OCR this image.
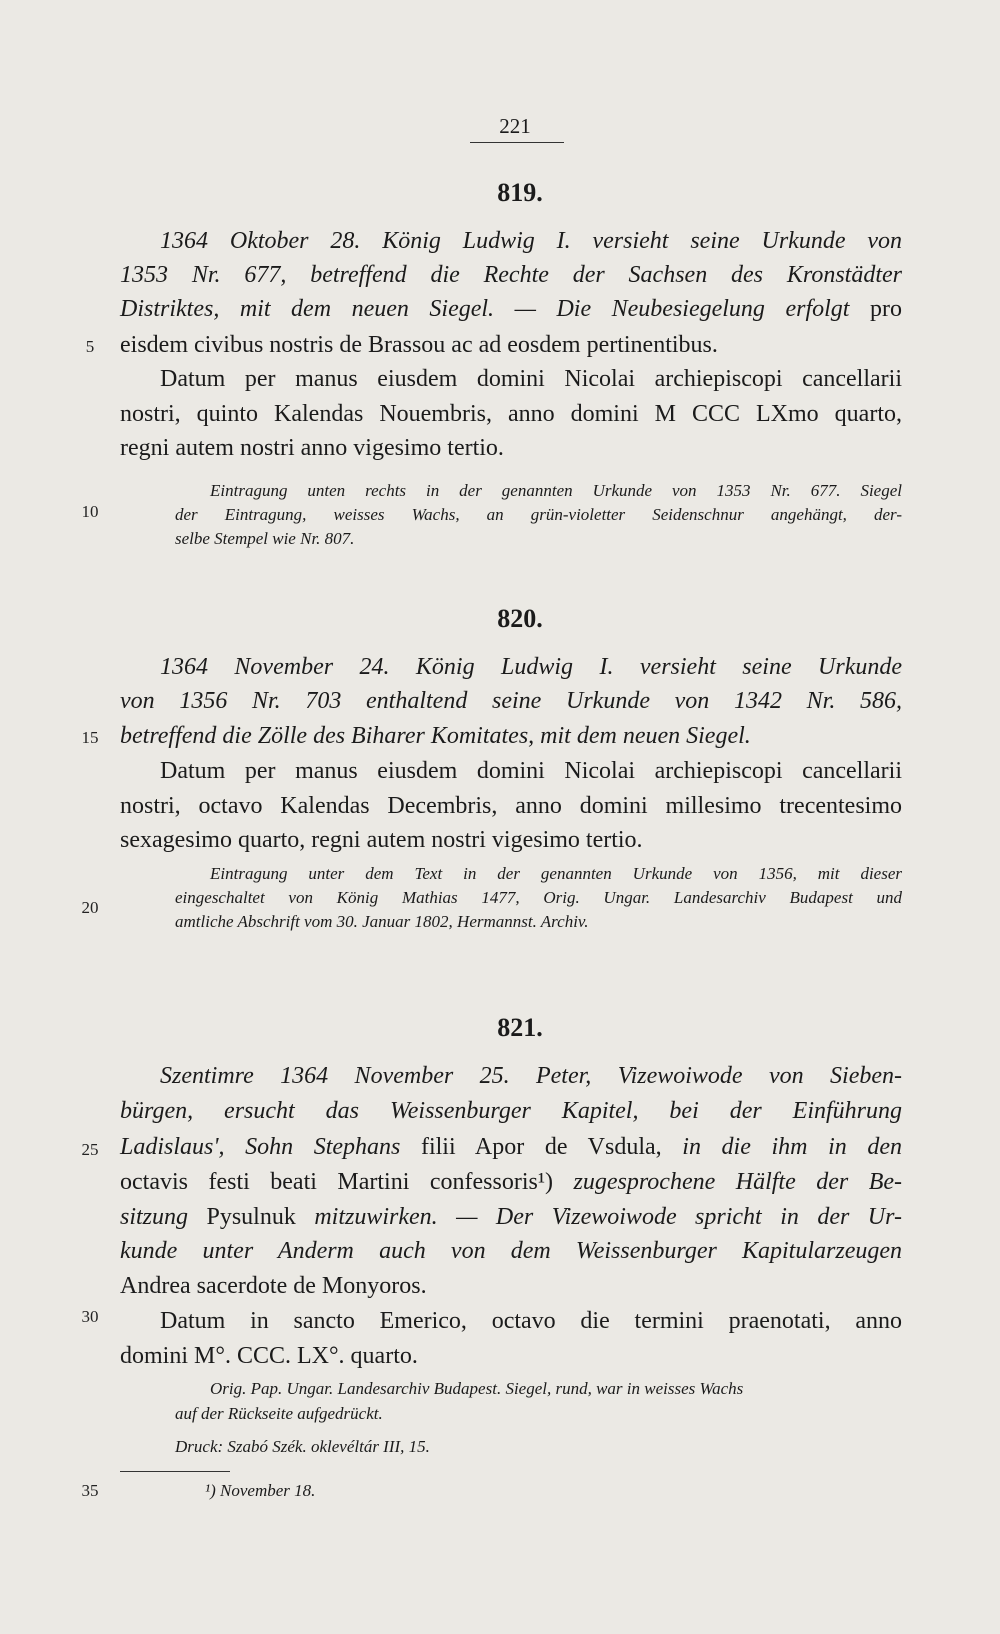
221
5
10
15
20
25
30
35
819.
1364 Oktober 28. König Ludwig I. versieht seine Urkunde von
1353 Nr. 677, betreffend die Rechte der Sachsen des Kronstädter
Distriktes, mit dem neuen Siegel. — Die Neubesiegelung erfolgt pro
eisdem civibus nostris de Brassou ac ad eosdem pertinentibus.
Datum per manus eiusdem domini Nicolai archiepiscopi cancellarii
nostri, quinto Kalendas Nouembris, anno domini M CCC LXmo quarto,
regni autem nostri anno vigesimo tertio.
Eintragung unten rechts in der genannten Urkunde von 1353 Nr. 677. Siegel
der Eintragung, weisses Wachs, an grün-violetter Seidenschnur angehängt, der-
selbe Stempel wie Nr. 807.
820.
1364 November 24. König Ludwig I. versieht seine Urkunde
von 1356 Nr. 703 enthaltend seine Urkunde von 1342 Nr. 586,
betreffend die Zölle des Biharer Komitates, mit dem neuen Siegel.
Datum per manus eiusdem domini Nicolai archiepiscopi cancellarii
nostri, octavo Kalendas Decembris, anno domini millesimo trecentesimo
sexagesimo quarto, regni autem nostri vigesimo tertio.
Eintragung unter dem Text in der genannten Urkunde von 1356, mit dieser
eingeschaltet von König Mathias 1477, Orig. Ungar. Landesarchiv Budapest und
amtliche Abschrift vom 30. Januar 1802, Hermannst. Archiv.
821.
Szentimre 1364 November 25. Peter, Vizewoiwode von Sieben-
bürgen, ersucht das Weissenburger Kapitel, bei der Einführung
Ladislaus', Sohn Stephans filii Apor de Vsdula, in die ihm in den
octavis festi beati Martini confessoris¹) zugesprochene Hälfte der Be-
sitzung Pysulnuk mitzuwirken. — Der Vizewoiwode spricht in der Ur-
kunde unter Anderm auch von dem Weissenburger Kapitularzeugen
Andrea sacerdote de Monyoros.
Datum in sancto Emerico, octavo die termini praenotati, anno
domini M°. CCC. LX°. quarto.
Orig. Pap. Ungar. Landesarchiv Budapest. Siegel, rund, war in weisses Wachs
auf der Rückseite aufgedrückt.
Druck: Szabó Szék. oklevéltár III, 15.
¹) November 18.
